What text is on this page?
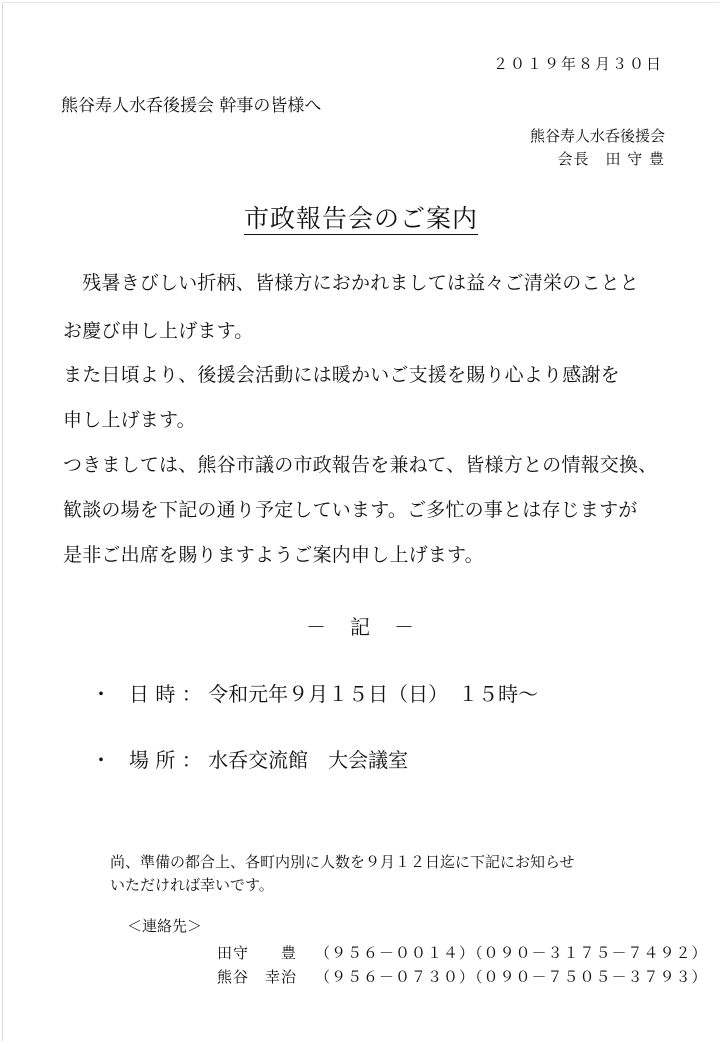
２０１９年８月３０日
熊谷寿人水呑後援会 幹事の皆様へ
熊谷寿人水呑後援会
会長　田 守 豊
市政報告会のご案内
　残暑きびしい折柄、皆様方におかれましては益々ご清栄のことと
お慶び申し上げます。
また日頃より、後援会活動には暖かいご支援を賜り心より感謝を
申し上げます。
つきましては、熊谷市議の市政報告を兼ねて、皆様方との情報交換、
歓談の場を下記の通り予定しています。ご多忙の事とは存じますが
是非ご出席を賜りますようご案内申し上げます。
－　記　－
・ 日 時 ： 令和元年９月１５日（日）　１５時～
・ 場 所 ： 水呑交流館　大会議室
尚、準備の都合上、各町内別に人数を９月１２日迄に下記にお知らせ
いただければ幸いです。
＜連絡先＞
田守　　豊 （９５６－００１４）（０９０－３１７５－７４９２）
熊谷　幸治 （９５６－０７３０）（０９０－７５０５－３７９３）
